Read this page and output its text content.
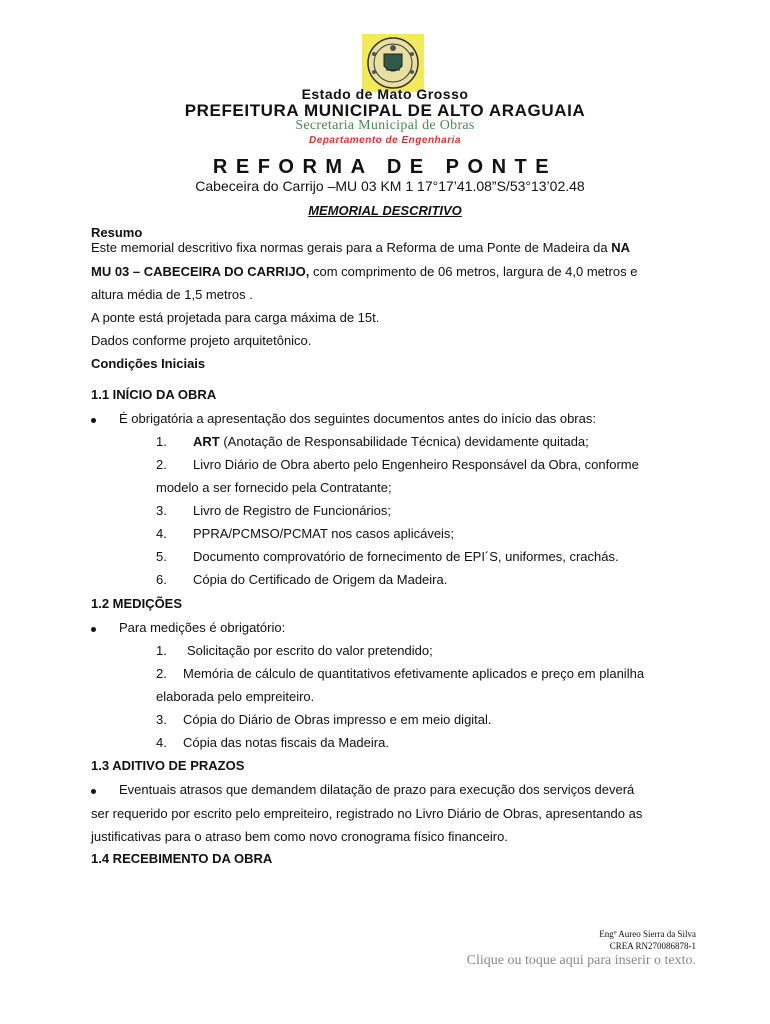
Estado de Mato Grosso
PREFEITURA MUNICIPAL DE ALTO ARAGUAIA
Secretaria Municipal de Obras
Departamento de Engenharia
REFORMA DE PONTE
Cabeceira do Carrijo –MU 03 KM 1 17°17’41.08”S/53°13’02.48
MEMORIAL DESCRITIVO
Resumo
Este memorial descritivo fixa normas gerais para a Reforma de uma Ponte de Madeira da NA
MU 03 – CABECEIRA DO CARRIJO, com comprimento de 06 metros, largura de 4,0 metros e
altura média de 1,5 metros .
A ponte está projetada para carga máxima de 15t.
Dados conforme projeto arquitetônico.
Condições Iniciais
1.1 INÍCIO DA OBRA
É obrigatória a apresentação dos seguintes documentos antes do início das obras:
1. ART (Anotação de Responsabilidade Técnica) devidamente quitada;
2. Livro Diário de Obra aberto pelo Engenheiro Responsável da Obra, conforme
modelo a ser fornecido pela Contratante;
3. Livro de Registro de Funcionários;
4. PPRA/PCMSO/PCMAT nos casos aplicáveis;
5. Documento comprovatório de fornecimento de EPI´S, uniformes, crachás.
6. Cópia do Certificado de Origem da Madeira.
1.2 MEDIÇÕES
Para medições é obrigatório:
1. Solicitação por escrito do valor pretendido;
2. Memória de cálculo de quantitativos efetivamente aplicados e preço em planilha
elaborada pelo empreiteiro.
3. Cópia do Diário de Obras impresso e em meio digital.
4. Cópia das notas fiscais da Madeira.
1.3 ADITIVO DE PRAZOS
Eventuais atrasos que demandem dilatação de prazo para execução dos serviços deverá
ser requerido por escrito pelo empreiteiro, registrado no Livro Diário de Obras, apresentando as
justificativas para o atraso bem como novo cronograma físico financeiro.
1.4 RECEBIMENTO DA OBRA
Engº Aureo Sierra da Silva
CREA RN270086878-1
Clique ou toque aqui para inserir o texto.
